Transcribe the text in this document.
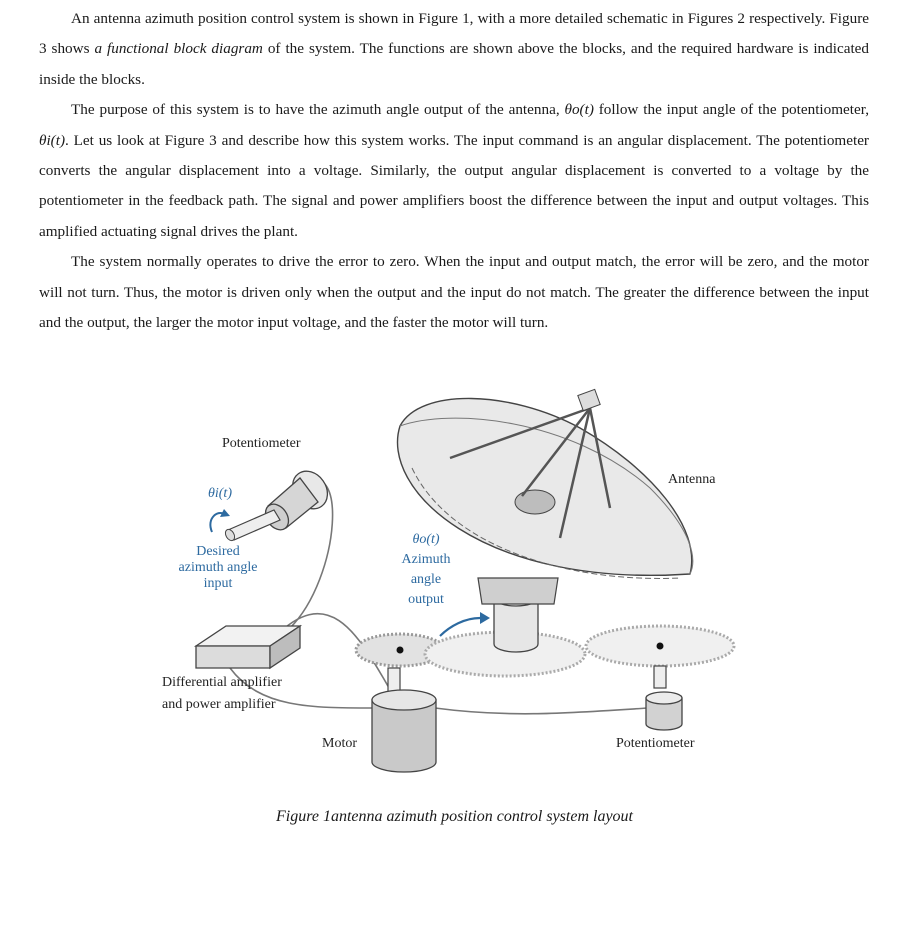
An antenna azimuth position control system is shown in Figure 1, with a more detailed schematic in Figures 2 respectively. Figure 3 shows a functional block diagram of the system. The functions are shown above the blocks, and the required hardware is indicated inside the blocks.

The purpose of this system is to have the azimuth angle output of the antenna, θo(t) follow the input angle of the potentiometer, θi(t). Let us look at Figure 3 and describe how this system works. The input command is an angular displacement. The potentiometer converts the angular displacement into a voltage. Similarly, the output angular displacement is converted to a voltage by the potentiometer in the feedback path. The signal and power amplifiers boost the difference between the input and output voltages. This amplified actuating signal drives the plant.

The system normally operates to drive the error to zero. When the input and output match, the error will be zero, and the motor will not turn. Thus, the motor is driven only when the output and the input do not match. The greater the difference between the input and the output, the larger the motor input voltage, and the faster the motor will turn.

Potentiometer
θi(t)
Desired
azimuth angle
input
Differential amplifier
and power amplifier
Motor
θo(t)
Azimuth
angle
output
Antenna
Potentiometer
Figure 1antenna azimuth position control system layout
